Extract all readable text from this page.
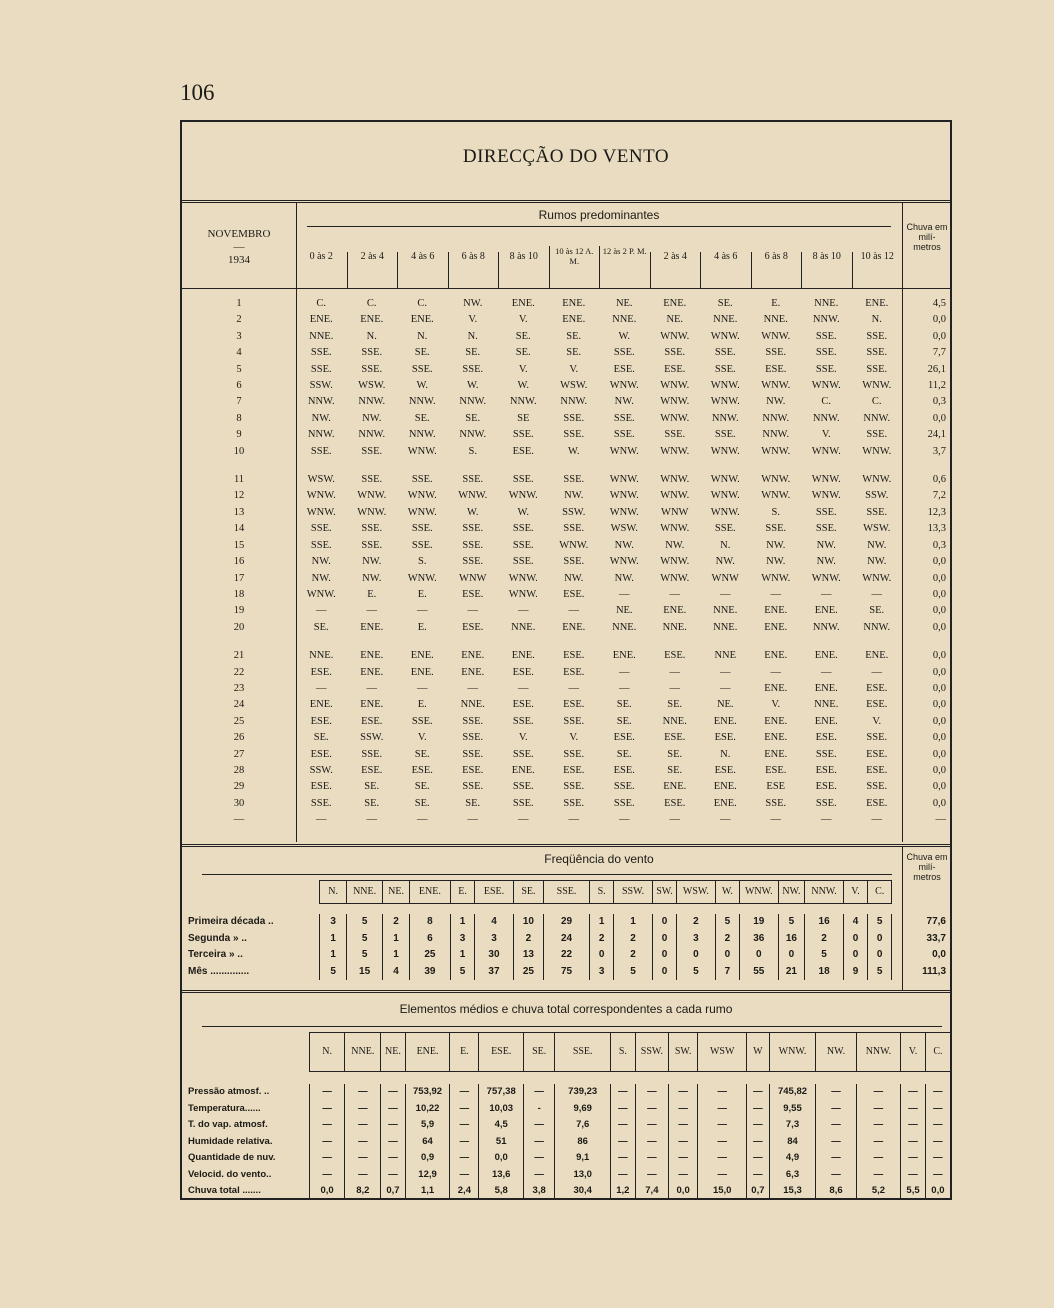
106
DIRECÇÃO DO VENTO
NOVEMBRO
—
1934
Rumos predominantes
Chuva em milí- metros
0 às 2	2 às 4	4 às 6	6 às 8	8 às 10	10 às 12 A. M.
12 às 2 P. M.	2 às 4	4 às 6	6 às 8	8 às 10	10 às 12
1	C.	C.	C.	NW.	ENE.	ENE.	NE.	ENE.	SE.	E.	NNE.	ENE.	4,5
2	ENE.	ENE.	ENE.	V.	V.	ENE.	NNE.	NE.	NNE.	NNE.	NNW.	N.	0,0
3	NNE.	N.	N.	N.	SE.	SE.	W.	WNW.	WNW.	WNW.	SSE.	SSE.	0,0
4	SSE.	SSE.	SE.	SE.	SE.	SE.	SSE.	SSE.	SSE.	SSE.	SSE.	SSE.	7,7
5	SSE.	SSE.	SSE.	SSE.	V.	V.	ESE.	ESE.	SSE.	ESE.	SSE.	SSE.	26,1
6	SSW.	WSW.	W.	W.	W.	WSW.	WNW.	WNW.	WNW.	WNW.	WNW.	WNW.	11,2
7	NNW.	NNW.	NNW.	NNW.	NNW.	NNW.	NW.	WNW.	WNW.	NW.	C.	C.	0,3
8	NW.	NW.	SE.	SE.	SE	SSE.	SSE.	WNW.	NNW.	NNW.	NNW.	NNW.	0,0
9	NNW.	NNW.	NNW.	NNW.	SSE.	SSE.	SSE.	SSE.	SSE.	NNW.	V.	SSE.	24,1
10	SSE.	SSE.	WNW.	S.	ESE.	W.	WNW.	WNW.	WNW.	WNW.	WNW.	WNW.	3,7

11	WSW.	SSE.	SSE.	SSE.	SSE.	SSE.	WNW.	WNW.	WNW.	WNW.	WNW.	WNW.	0,6
12	WNW.	WNW.	WNW.	WNW.	WNW.	NW.	WNW.	WNW.	WNW.	WNW.	WNW.	SSW.	7,2
13	WNW.	WNW.	WNW.	W.	W.	SSW.	WNW.	WNW	WNW.	S.	SSE.	SSE.	12,3
14	SSE.	SSE.	SSE.	SSE.	SSE.	SSE.	WSW.	WNW.	SSE.	SSE.	SSE.	WSW.	13,3
15	SSE.	SSE.	SSE.	SSE.	SSE.	WNW.	NW.	NW.	N.	NW.	NW.	NW.	0,3
16	NW.	NW.	S.	SSE.	SSE.	SSE.	WNW.	WNW.	NW.	NW.	NW.	NW.	0,0
17	NW.	NW.	WNW.	WNW	WNW.	NW.	NW.	WNW.	WNW	WNW.	WNW.	WNW.	0,0
18	WNW.	E.	E.	ESE.	WNW.	ESE.	—	—	—	—	—	—	0,0
19	—	—	—	—	—	—	NE.	ENE.	NNE.	ENE.	ENE.	SE.	0,0
20	SE.	ENE.	E.	ESE.	NNE.	ENE.	NNE.	NNE.	NNE.	ENE.	NNW.	NNW.	0,0

21	NNE.	ENE.	ENE.	ENE.	ENE.	ESE.	ENE.	ESE.	NNE	ENE.	ENE.	ENE.	0,0
22	ESE.	ENE.	ENE.	ENE.	ESE.	ESE.	—	—	—	—	—	—	0,0
23	—	—	—	—	—	—	—	—	—	ENE.	ENE.	ESE.	0,0
24	ENE.	ENE.	E.	NNE.	ESE.	ESE.	SE.	SE.	NE.	V.	NNE.	ESE.	0,0
25	ESE.	ESE.	SSE.	SSE.	SSE.	SSE.	SE.	NNE.	ENE.	ENE.	ENE.	V.	0,0
26	SE.	SSW.	V.	SSE.	V.	V.	ESE.	ESE.	ESE.	ENE.	ESE.	SSE.	0,0
27	ESE.	SSE.	SE.	SSE.	SSE.	SSE.	SE.	SE.	N.	ENE.	SSE.	ESE.	0,0
28	SSW.	ESE.	ESE.	ESE.	ENE.	ESE.	ESE.	SE.	ESE.	ESE.	ESE.	ESE.	0,0
29	ESE.	SE.	SE.	SSE.	SSE.	SSE.	SSE.	ENE.	ENE.	ESE	ESE.	SSE.	0,0
30	SSE.	SE.	SE.	SE.	SSE.	SSE.	SSE.	ESE.	ENE.	SSE.	SSE.	ESE.	0,0
—	—	—	—	—	—	—	—	—	—	—	—	—	—
Freqüência do vento	Chuva em milí- metros
	N.	NNE.	NE.	ENE.	E.	ESE.	SE.	SSE.	S.	SSW.	SW.	WSW.	W.	WNW.	NW.	NNW.	V.	C.	

Primeira década ..	3	5	2	8	1	4	10	29	1	1	0	2	5	19	5	16	4	5	77,6
Segunda » ..	1	5	1	6	3	3	2	24	2	2	0	3	2	36	16	2	0	0	33,7
Terceira » ..	1	5	1	25	1	30	13	22	0	2	0	0	0	0	0	5	0	0	0,0
Mês ..............	5	15	4	39	5	37	25	75	3	5	0	5	7	55	21	18	9	5	111,3
Elementos médios e chuva total correspondentes a cada rumo
	N.	NNE.	NE.	ENE.	E.	ESE.	SE.	SSE.	S.	SSW.	SW.	WSW	W	WNW.	NW.	NNW.	V.	C.

Pressão atmosf. ..	—	—	—	753,92	—	757,38	—	739,23	—	—	—	—	—	745,82	—	—	—	—
Temperatura......	—	—	—	10,22	—	10,03	-	9,69	—	—	—	—	—	9,55	—	—	—	—
T. do vap. atmosf.	—	—	—	5,9	—	4,5	—	7,6	—	—	—	—	—	7,3	—	—	—	—
Humidade relativa.	—	—	—	64	—	51	—	86	—	—	—	—	—	84	—	—	—	—
Quantidade de nuv.	—	—	—	0,9	—	0,0	—	9,1	—	—	—	—	—	4,9	—	—	—	—
Velocid. do vento..	—	—	—	12,9	—	13,6	—	13,0	—	—	—	—	—	6,3	—	—	—	—
Chuva total .......	0,0	8,2	0,7	1,1	2,4	5,8	3,8	30,4	1,2	7,4	0,0	15,0	0,7	15,3	8,6	5,2	5,5	0,0
